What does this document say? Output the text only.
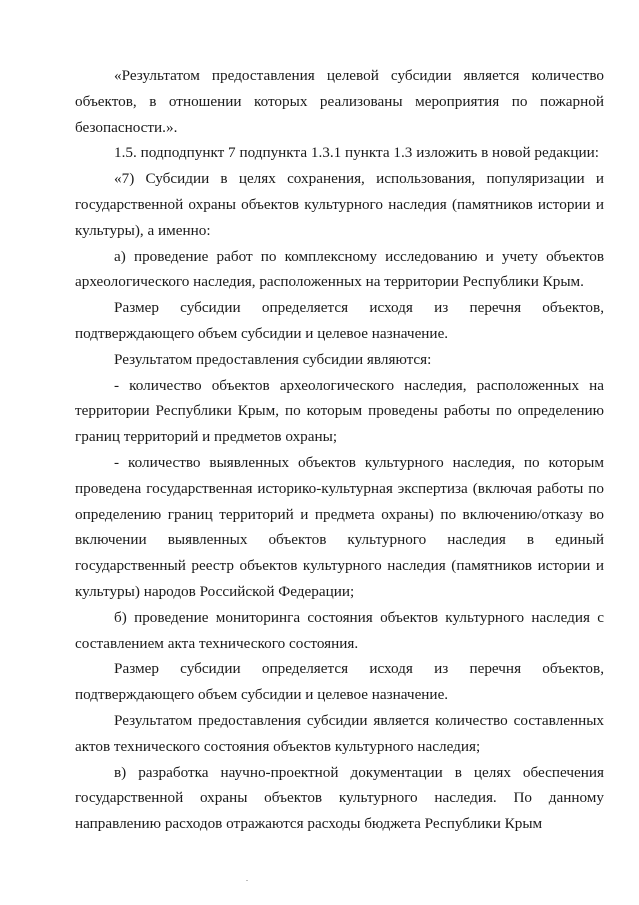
«Результатом предоставления целевой субсидии является количество объектов, в отношении которых реализованы мероприятия по пожарной безопасности.».

1.5. подподпункт 7 подпункта 1.3.1 пункта 1.3 изложить в новой редакции:

«7) Субсидии в целях сохранения, использования, популяризации и государственной охраны объектов культурного наследия (памятников истории и культуры), а именно:

а) проведение работ по комплексному исследованию и учету объектов археологического наследия, расположенных на территории Республики Крым.

Размер субсидии определяется исходя из перечня объектов, подтверждающего объем субсидии и целевое назначение.

Результатом предоставления субсидии являются:

- количество объектов археологического наследия, расположенных на территории Республики Крым, по которым проведены работы по определению границ территорий и предметов охраны;

- количество выявленных объектов культурного наследия, по которым проведена государственная историко-культурная экспертиза (включая работы по определению границ территорий и предмета охраны) по включению/отказу во включении выявленных объектов культурного наследия в единый государственный реестр объектов культурного наследия (памятников истории и культуры) народов Российской Федерации;

б) проведение мониторинга состояния объектов культурного наследия с составлением акта технического состояния.

Размер субсидии определяется исходя из перечня объектов, подтверждающего объем субсидии и целевое назначение.

Результатом предоставления субсидии является количество составленных актов технического состояния объектов культурного наследия;

в) разработка научно-проектной документации в целях обеспечения государственной охраны объектов культурного наследия. По данному направлению расходов отражаются расходы бюджета Республики Крым
